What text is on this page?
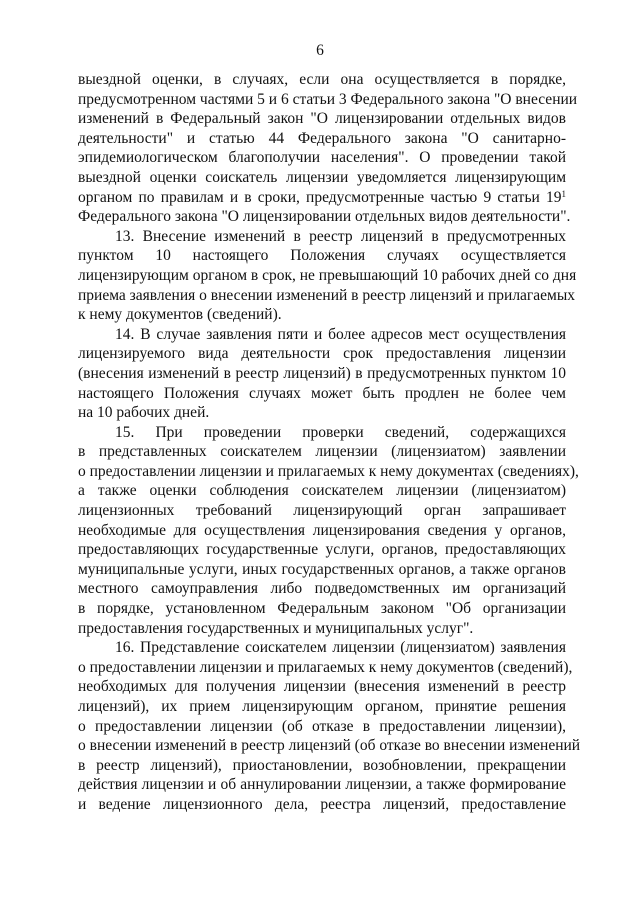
6
выездной оценки, в случаях, если она осуществляется в порядке,
предусмотренном частями 5 и 6 статьи 3 Федерального закона "О внесении
изменений в Федеральный закон "О лицензировании отдельных видов
деятельности" и статью 44 Федерального закона "О санитарно-
эпидемиологическом благополучии населения". О проведении такой
выездной оценки соискатель лицензии уведомляется лицензирующим
органом по правилам и в сроки, предусмотренные частью 9 статьи $19^1$
Федерального закона "О лицензировании отдельных видов деятельности".
13. Внесение изменений в реестр лицензий в предусмотренных
пунктом 10 настоящего Положения случаях осуществляется
лицензирующим органом в срок, не превышающий 10 рабочих дней со дня
приема заявления о внесении изменений в реестр лицензий и прилагаемых
к нему документов (сведений).
14. В случае заявления пяти и более адресов мест осуществления
лицензируемого вида деятельности срок предоставления лицензии
(внесения изменений в реестр лицензий) в предусмотренных пунктом 10
настоящего Положения случаях может быть продлен не более чем
на 10 рабочих дней.
15. При проведении проверки сведений, содержащихся
в представленных соискателем лицензии (лицензиатом) заявлении
о предоставлении лицензии и прилагаемых к нему документах (сведениях),
а также оценки соблюдения соискателем лицензии (лицензиатом)
лицензионных требований лицензирующий орган запрашивает
необходимые для осуществления лицензирования сведения у органов,
предоставляющих государственные услуги, органов, предоставляющих
муниципальные услуги, иных государственных органов, а также органов
местного самоуправления либо подведомственных им организаций
в порядке, установленном Федеральным законом "Об организации
предоставления государственных и муниципальных услуг".
16. Представление соискателем лицензии (лицензиатом) заявления
о предоставлении лицензии и прилагаемых к нему документов (сведений),
необходимых для получения лицензии (внесения изменений в реестр
лицензий), их прием лицензирующим органом, принятие решения
о предоставлении лицензии (об отказе в предоставлении лицензии),
о внесении изменений в реестр лицензий (об отказе во внесении изменений
в реестр лицензий), приостановлении, возобновлении, прекращении
действия лицензии и об аннулировании лицензии, а также формирование
и ведение лицензионного дела, реестра лицензий, предоставление
